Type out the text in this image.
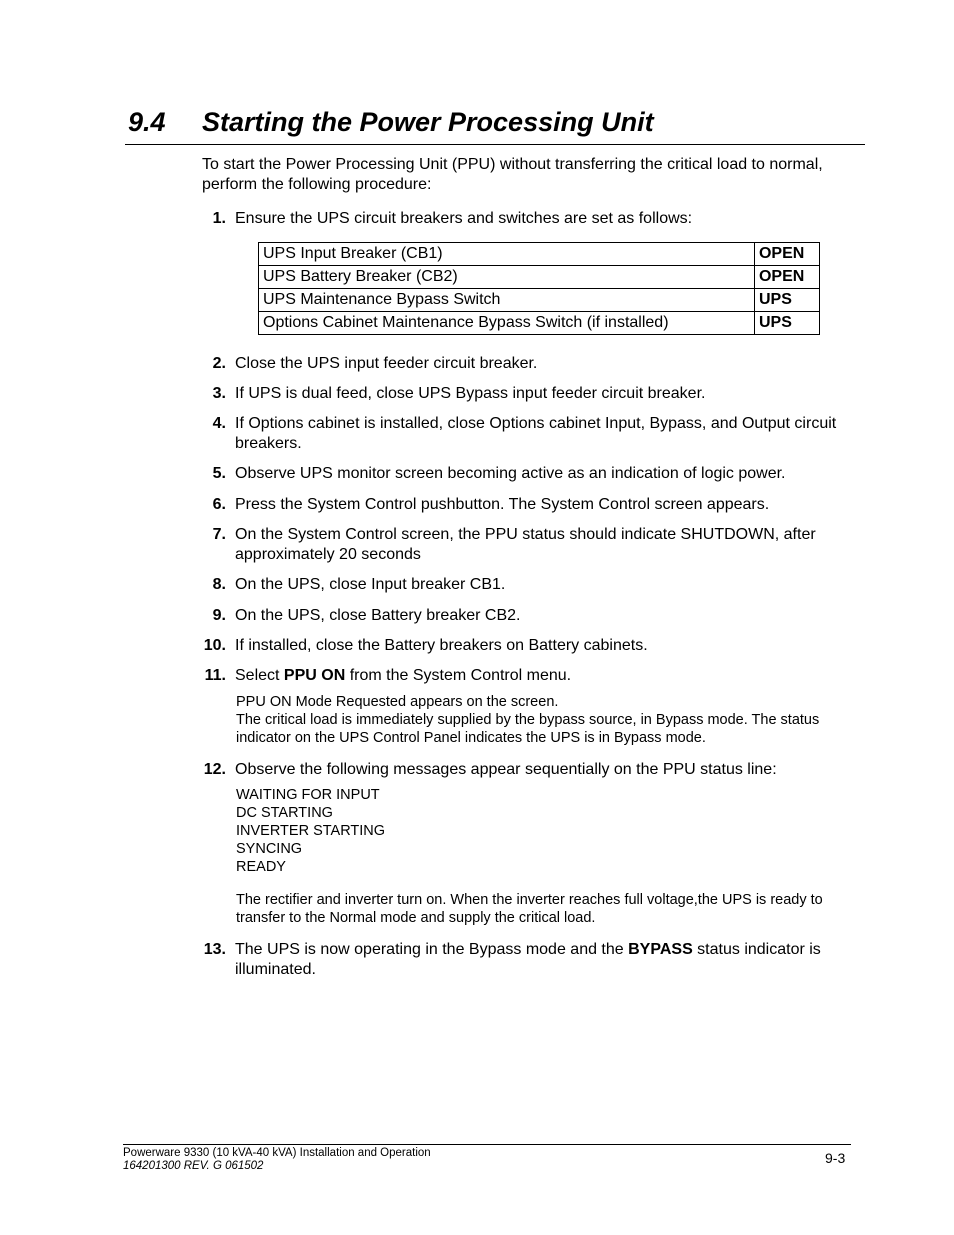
9.4 Starting the Power Processing Unit
To start the Power Processing Unit (PPU) without transferring the critical load to normal, perform the following procedure:
1. Ensure the UPS circuit breakers and switches are set as follows:
UPS Input Breaker (CB1)	OPEN
UPS Battery Breaker (CB2)	OPEN
UPS Maintenance Bypass Switch	UPS
Options Cabinet Maintenance Bypass Switch (if installed)	UPS
2. Close the UPS input feeder circuit breaker.
3. If UPS is dual feed, close UPS Bypass input feeder circuit breaker.
4. If Options cabinet is installed, close Options cabinet Input, Bypass, and Output circuit breakers.
5. Observe UPS monitor screen becoming active as an indication of logic power.
6. Press the System Control pushbutton. The System Control screen appears.
7. On the System Control screen, the PPU status should indicate SHUTDOWN, after approximately 20 seconds
8. On the UPS, close Input breaker CB1.
9. On the UPS, close Battery breaker CB2.
10. If installed, close the Battery breakers on Battery cabinets.
11. Select PPU ON from the System Control menu.
PPU ON Mode Requested appears on the screen.
The critical load is immediately supplied by the bypass source, in Bypass mode. The status indicator on the UPS Control Panel indicates the UPS is in Bypass mode.
12. Observe the following messages appear sequentially on the PPU status line:
WAITING FOR INPUT
DC STARTING
INVERTER STARTING
SYNCING
READY
The rectifier and inverter turn on. When the inverter reaches full voltage,the UPS is ready to transfer to the Normal mode and supply the critical load.
13. The UPS is now operating in the Bypass mode and the BYPASS status indicator is illuminated.
Powerware 9330 (10 kVA-40 kVA) Installation and Operation
164201300 REV. G 061502	9-3
